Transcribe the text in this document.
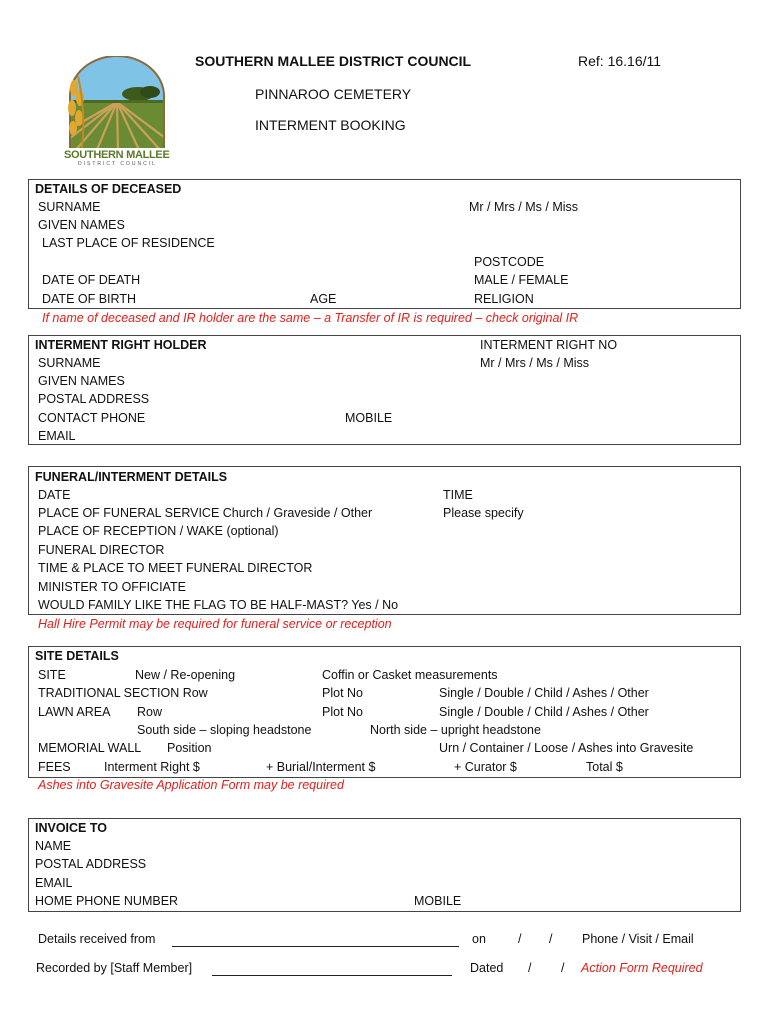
SOUTHERN MALLEE
DISTRICT COUNCIL
SOUTHERN MALLEE DISTRICT COUNCIL	Ref: 16.16/11
PINNAROO CEMETERY
INTERMENT BOOKING
DETAILS OF DECEASED
SURNAME	Mr / Mrs / Ms / Miss
GIVEN NAMES
LAST PLACE OF RESIDENCE
POSTCODE
DATE OF DEATH	MALE / FEMALE
DATE OF BIRTH	AGE	RELIGION
If name of deceased and IR holder are the same – a Transfer of IR is required – check original IR
INTERMENT RIGHT HOLDER	INTERMENT RIGHT NO
SURNAME	Mr / Mrs / Ms / Miss
GIVEN NAMES
POSTAL ADDRESS
CONTACT PHONE	MOBILE
EMAIL
FUNERAL/INTERMENT DETAILS
DATE	TIME
PLACE OF FUNERAL SERVICE Church / Graveside / Other	Please specify
PLACE OF RECEPTION / WAKE (optional)
FUNERAL DIRECTOR
TIME & PLACE TO MEET FUNERAL DIRECTOR
MINISTER TO OFFICIATE
WOULD FAMILY LIKE THE FLAG TO BE HALF-MAST? Yes / No
Hall Hire Permit may be required for funeral service or reception
SITE DETAILS
SITE	New / Re-opening	Coffin or Casket measurements
TRADITIONAL SECTION Row	Plot No	Single / Double / Child / Ashes / Other
LAWN AREA Row	Plot No	Single / Double / Child / Ashes / Other
South side – sloping headstone	North side – upright headstone
MEMORIAL WALL Position	Urn / Container / Loose / Ashes into Gravesite
FEES	Interment Right $	+ Burial/Interment $	+ Curator $	Total $
Ashes into Gravesite Application Form may be required
INVOICE TO
NAME
POSTAL ADDRESS
EMAIL
HOME PHONE NUMBER	MOBILE
Details received from	on	/ / Phone / Visit / Email
Recorded by [Staff Member]	Dated / / Action Form Required
